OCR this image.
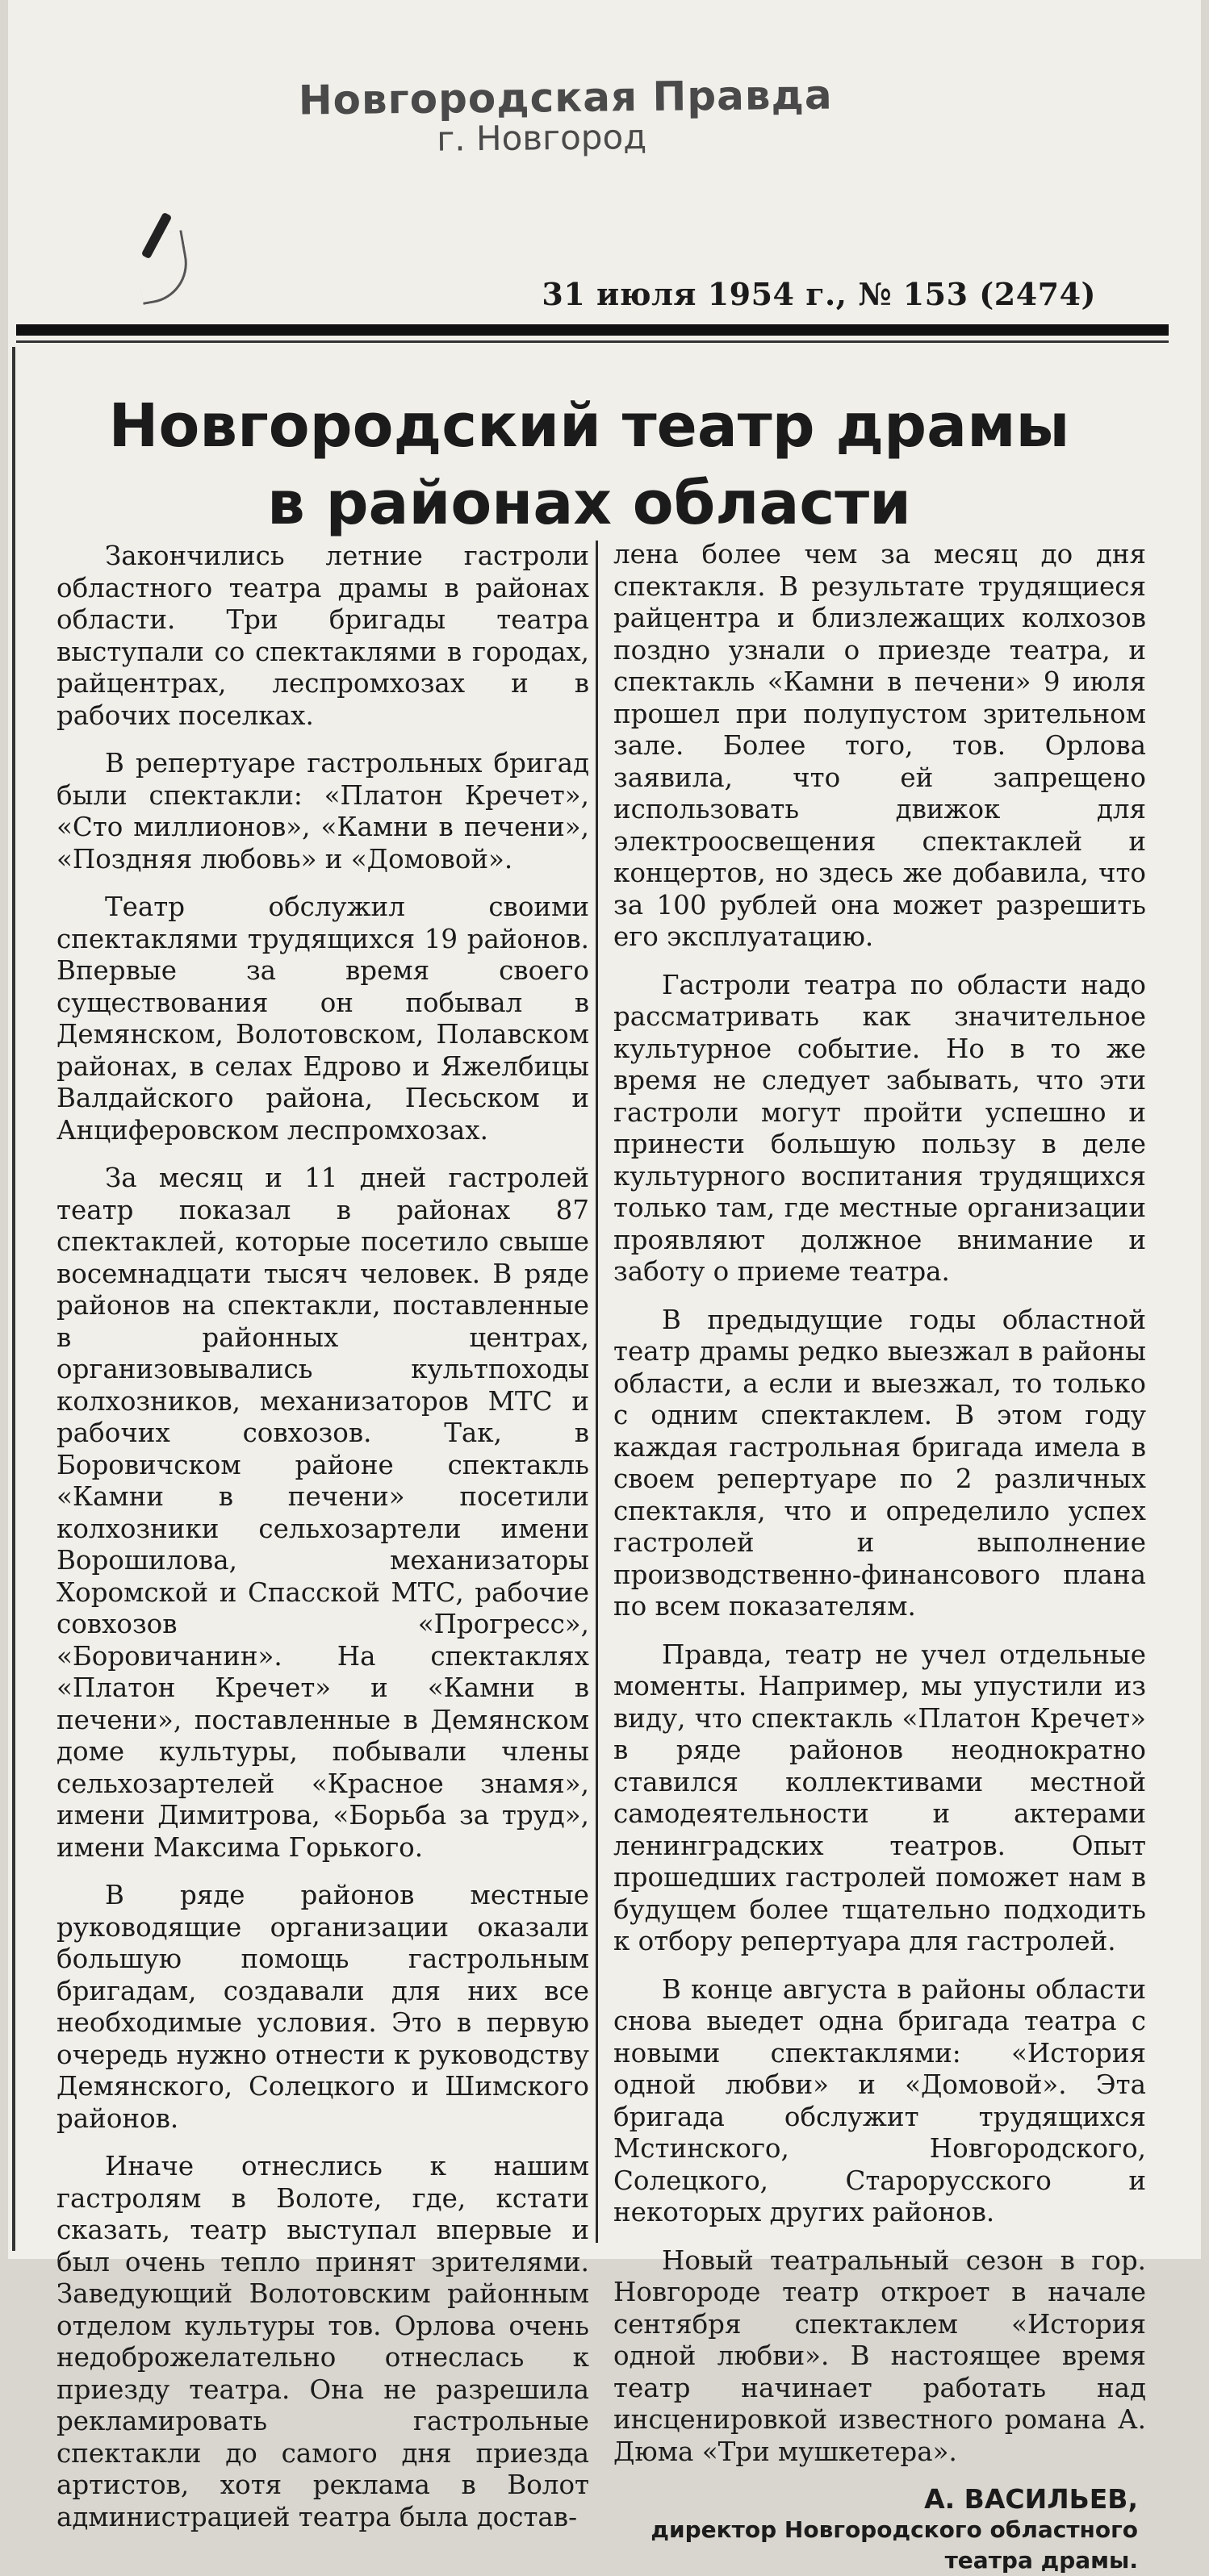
Новгородская Правда
г. Новгород
31 июля 1954 г., № 153 (2474)
Новгородский театр драмы
в районах области

Закончились летние гастроли областного театра драмы в районах области. Три бригады театра выступали со спектаклями в городах, райцентрах, леспромхозах и в рабочих поселках.

В репертуаре гастрольных бригад были спектакли: «Платон Кречет», «Сто миллионов», «Камни в печени», «Поздняя любовь» и «Домовой».

Театр обслужил своими спектаклями трудящихся 19 районов. Впервые за время своего существования он побывал в Демянском, Волотовском, Полавском районах, в селах Едрово и Яжелбицы Валдайского района, Песьском и Анциферовском леспромхозах.

За месяц и 11 дней гастролей театр показал в районах 87 спектаклей, которые посетило свыше восемнадцати тысяч человек. В ряде районов на спектакли, поставленные в районных центрах, организовывались культпоходы колхозников, механизаторов МТС и рабочих совхозов. Так, в Боровичском районе спектакль «Камни в печени» посетили колхозники сельхозартели имени Ворошилова, механизаторы Хоромской и Спасской МТС, рабочие совхозов «Прогресс», «Боровичанин». На спектаклях «Платон Кречет» и «Камни в печени», поставленные в Демянском доме культуры, побывали члены сельхозартелей «Красное знамя», имени Димитрова, «Борьба за труд», имени Максима Горького.

В ряде районов местные руководящие организации оказали большую помощь гастрольным бригадам, создавали для них все необходимые условия. Это в первую очередь нужно отнести к руководству Демянского, Солецкого и Шимского районов.

Иначе отнеслись к нашим гастролям в Волоте, где, кстати сказать, театр выступал впервые и был очень тепло принят зрителями. Заведующий Волотовским районным отделом культуры тов. Орлова очень недоброжелательно отнеслась к приезду театра. Она не разрешила рекламировать гастрольные спектакли до самого дня приезда артистов, хотя реклама в Волот администрацией театра была достав-

лена более чем за месяц до дня спектакля. В результате трудящиеся райцентра и близлежащих колхозов поздно узнали о приезде театра, и спектакль «Камни в печени» 9 июля прошел при полупустом зрительном зале. Более того, тов. Орлова заявила, что ей запрещено использовать движок для электроосвещения спектаклей и концертов, но здесь же добавила, что за 100 рублей она может разрешить его эксплуатацию.

Гастроли театра по области надо рассматривать как значительное культурное событие. Но в то же время не следует забывать, что эти гастроли могут пройти успешно и принести большую пользу в деле культурного воспитания трудящихся только там, где местные организации проявляют должное внимание и заботу о приеме театра.

В предыдущие годы областной театр драмы редко выезжал в районы области, а если и выезжал, то только с одним спектаклем. В этом году каждая гастрольная бригада имела в своем репертуаре по 2 различных спектакля, что и определило успех гастролей и выполнение производственно-финансового плана по всем показателям.

Правда, театр не учел отдельные моменты. Например, мы упустили из виду, что спектакль «Платон Кречет» в ряде районов неоднократно ставился коллективами местной самодеятельности и актерами ленинградских театров. Опыт прошедших гастролей поможет нам в будущем более тщательно подходить к отбору репертуара для гастролей.

В конце августа в районы области снова выедет одна бригада театра с новыми спектаклями: «История одной любви» и «Домовой». Эта бригада обслужит трудящихся Мстинского, Новгородского, Солецкого, Старорусского и некоторых других районов.

Новый театральный сезон в гор. Новгороде театр откроет в начале сентября спектаклем «История одной любви». В настоящее время театр начинает работать над инсценировкой известного романа А. Дюма «Три мушкетера».

А. ВАСИЛЬЕВ,
директор Новгородского областного
театра драмы.
